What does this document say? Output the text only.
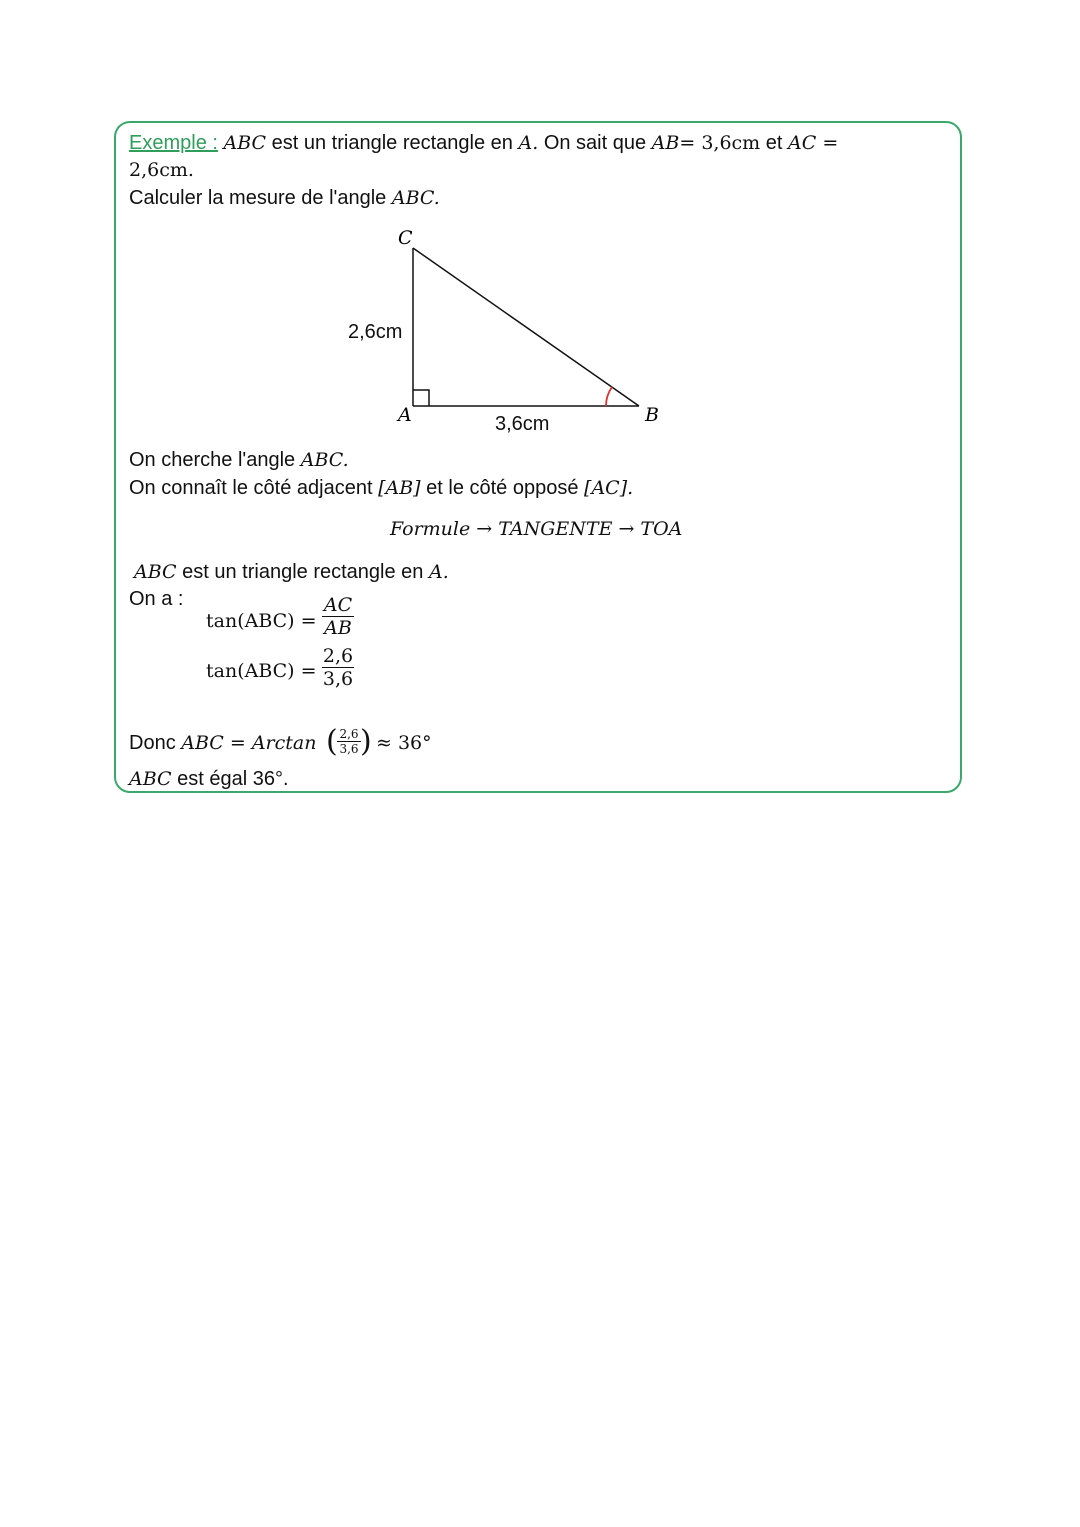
Exemple : ABC est un triangle rectangle en A. On sait que AB= 3,6cm et AC =
2,6cm.
Calculer la mesure de l'angle ABC.
C
A	B
2,6cm
3,6cm
On cherche l'angle ABC.
On connaît le côté adjacent [AB] et le côté opposé [AC].
Formule → TANGENTE → TOA
ABC est un triangle rectangle en A.
On a :
$\tan(ABC) = \frac{AC}{AB}$
$\tan(ABC) = \frac{2,6}{3,6}$
Donc ABC = Arctan ( $\frac{2,6}{3,6}$ ) ≈ 36°
ABC est égal 36°.
